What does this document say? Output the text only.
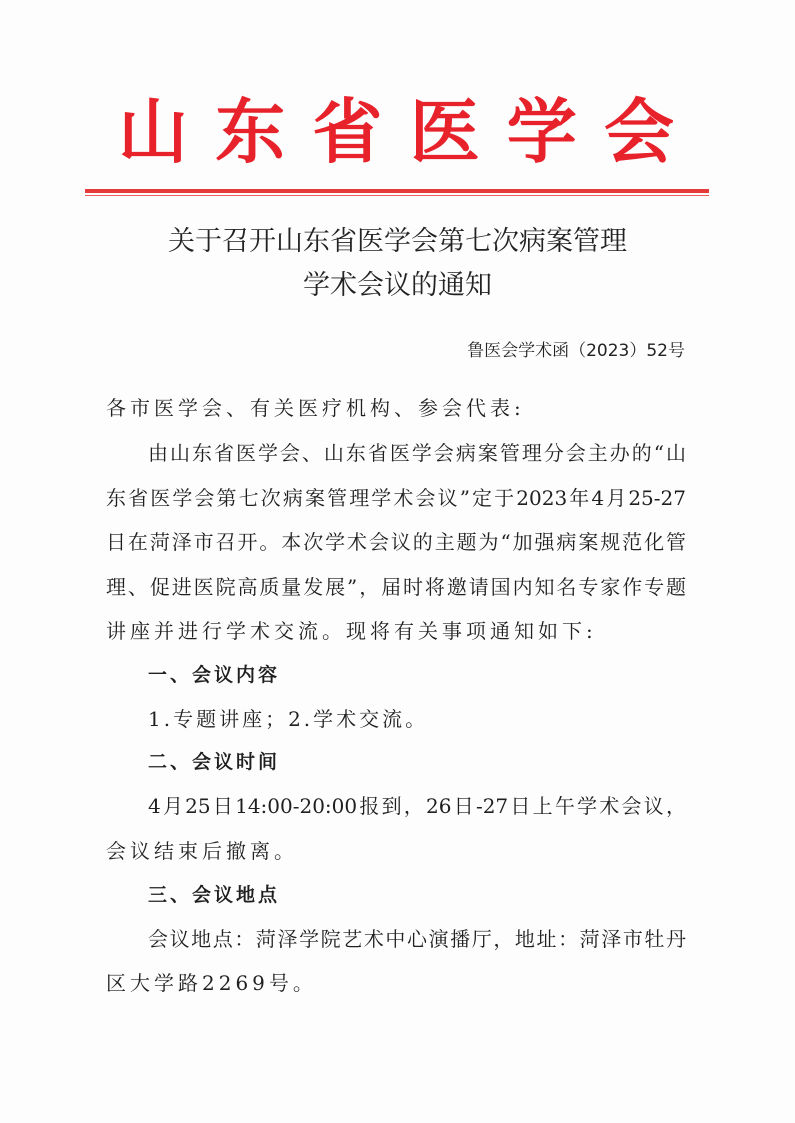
山 东 省 医 学 会
关于召开山东省医学会第七次病案管理
学术会议的通知
鲁医会学术函（2023）52号
各市医学会、有关医疗机构、参会代表:
由山东省医学会、山东省医学会病案管理分会主办的“山
东省医学会第七次病案管理学术会议”定于2023年4月25-27
日在菏泽市召开。本次学术会议的主题为“加强病案规范化管
理、促进医院高质量发展”，届时将邀请国内知名专家作专题
讲座并进行学术交流。现将有关事项通知如下:
一、会议内容
1.专题讲座；2.学术交流。
二、会议时间
4月25日14:00-20:00报到，26日-27日上午学术会议，
会议结束后撤离。
三、会议地点
会议地点：菏泽学院艺术中心演播厅，地址：菏泽市牡丹
区大学路2269号。
